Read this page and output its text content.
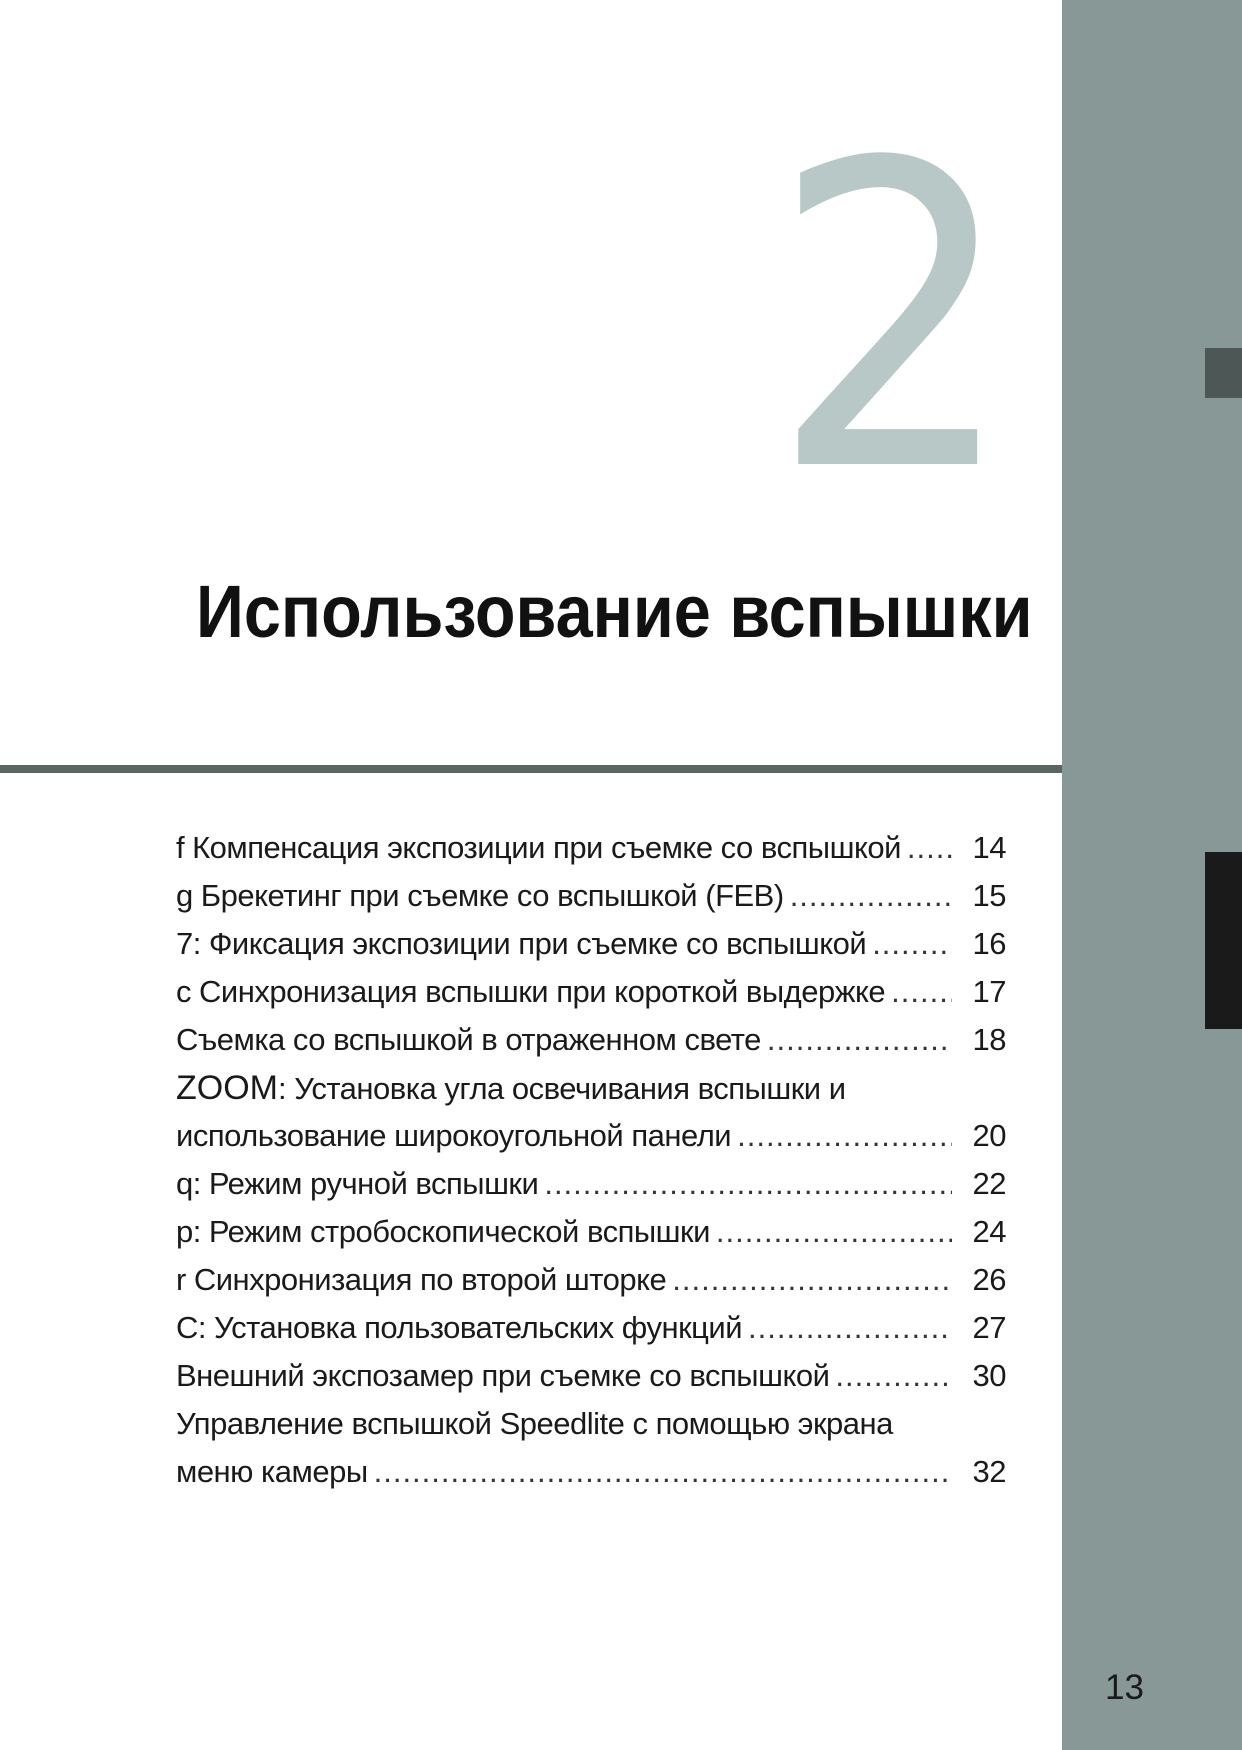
13
2
Использование вспышки
f Компенсация экспозиции при съемке со вспышкой ..... 14
g Брекетинг при съемке со вспышкой (FEB) .....	15
7: Фиксация экспозиции при съемке со вспышкой .....	16
c Синхронизация вспышки при короткой выдержке .....	17
Съемка со вспышкой в отраженном свете .....	18
ZOOM : Установка угла освечивания вспышки и
использование широкоугольной панели .....	20
q: Режим ручной вспышки .....	22
p: Режим стробоскопической вспышки .....	24
r Синхронизация по второй шторке .....	26
C: Установка пользовательских функций .....	27
Внешний экспозамер при съемке со вспышкой .....	30
Управление вспышкой Speedlite с помощью экрана
меню камеры .....	32
